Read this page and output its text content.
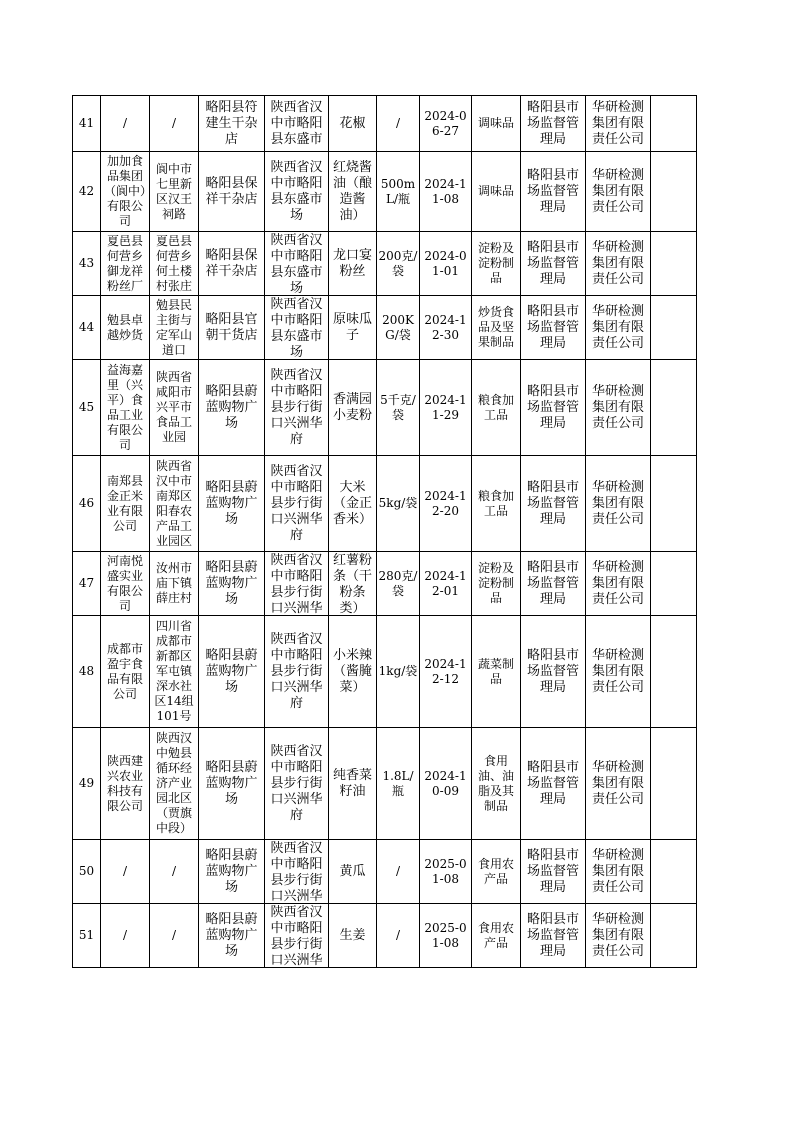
41	/	/	略阳县符建生干杂店	陕西省汉中市略阳县东盛市	花椒	/	2024-06-27	调味品	略阳县市场监督管理局	华研检测集团有限责任公司	

42	加加食品集团（阆中）有限公司	阆中市七里新区汉王祠路	略阳县保祥干杂店	陕西省汉中市略阳县东盛市场	红烧酱油（酿造酱油）	500mL/瓶	2024-11-08	调味品	略阳县市场监督管理局	华研检测集团有限责任公司	

43	夏邑县何营乡御龙祥粉丝厂	夏邑县何营乡何土楼村张庄	略阳县保祥干杂店	陕西省汉中市略阳县东盛市场	龙口宴粉丝	200克/袋	2024-01-01	淀粉及淀粉制品	略阳县市场监督管理局	华研检测集团有限责任公司	

44	勉县卓越炒货	勉县民主街与定军山道口	略阳县官朝干货店	陕西省汉中市略阳县东盛市场	原味瓜子	200KG/袋	2024-12-30	炒货食品及坚果制品	略阳县市场监督管理局	华研检测集团有限责任公司	

45	益海嘉里（兴平）食品工业有限公司	陕西省咸阳市兴平市食品工业园	略阳县蔚蓝购物广场	陕西省汉中市略阳县步行街口兴洲华府	香满园小麦粉	5千克/袋	2024-11-29	粮食加工品	略阳县市场监督管理局	华研检测集团有限责任公司	

46	南郑县金正米业有限公司	陕西省汉中市南郑区阳春农产品工业园区	略阳县蔚蓝购物广场	陕西省汉中市略阳县步行街口兴洲华府	大米（金正香米）	5kg/袋	2024-12-20	粮食加工品	略阳县市场监督管理局	华研检测集团有限责任公司	

47	河南悦盛实业有限公司	汝州市庙下镇薛庄村	略阳县蔚蓝购物广场	陕西省汉中市略阳县步行街口兴洲华	红薯粉条（干粉条类）	280克/袋	2024-12-01	淀粉及淀粉制品	略阳县市场监督管理局	华研检测集团有限责任公司	

48	成都市盈宇食品有限公司	四川省成都市新都区军屯镇深水社区14组101号	略阳县蔚蓝购物广场	陕西省汉中市略阳县步行街口兴洲华府	小米辣（酱腌菜）	1kg/袋	2024-12-12	蔬菜制品	略阳县市场监督管理局	华研检测集团有限责任公司	

49	陕西建兴农业科技有限公司	陕西汉中勉县循环经济产业园北区（贾旗中段）	略阳县蔚蓝购物广场	陕西省汉中市略阳县步行街口兴洲华府	纯香菜籽油	1.8L/瓶	2024-10-09	食用油、油脂及其制品	略阳县市场监督管理局	华研检测集团有限责任公司	

50	/	/	略阳县蔚蓝购物广场	陕西省汉中市略阳县步行街口兴洲华	黄瓜	/	2025-01-08	食用农产品	略阳县市场监督管理局	华研检测集团有限责任公司	

51	/	/	略阳县蔚蓝购物广场	陕西省汉中市略阳县步行街口兴洲华	生姜	/	2025-01-08	食用农产品	略阳县市场监督管理局	华研检测集团有限责任公司	
